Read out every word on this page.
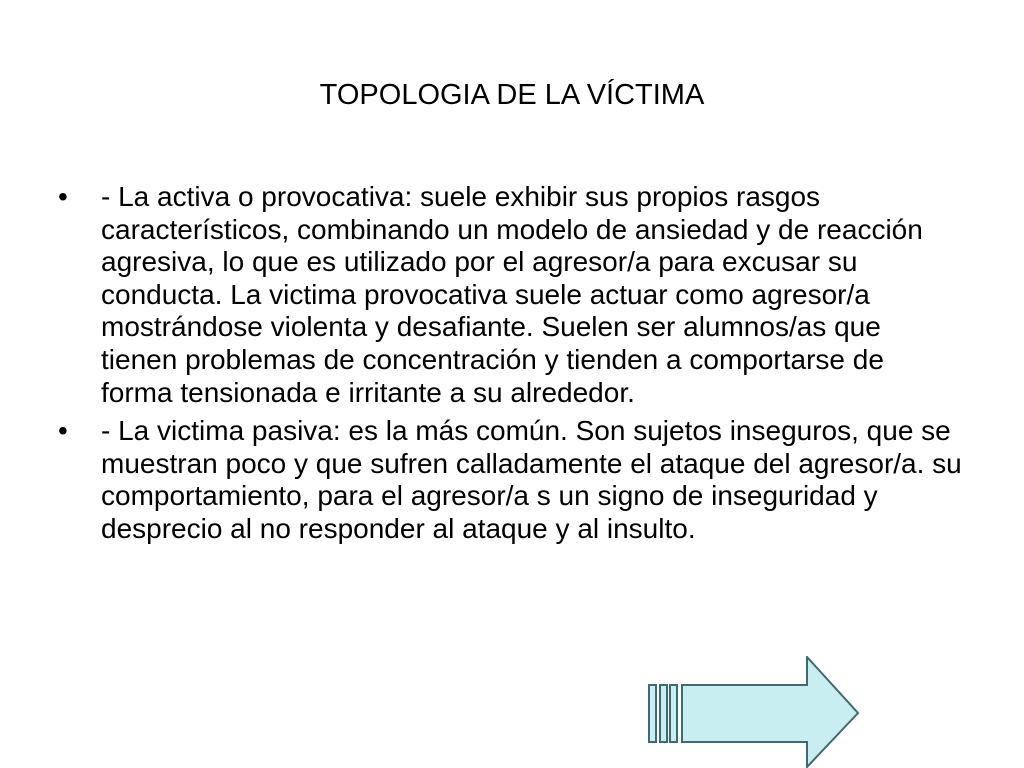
TOPOLOGIA DE LA VÍCTIMA
•	- La activa o provocativa: suele exhibir sus propios rasgos característicos, combinando un modelo de ansiedad y de reacción agresiva, lo que es utilizado por el agresor/a para excusar su conducta. La victima provocativa suele actuar como agresor/a mostrándose violenta y desafiante. Suelen ser alumnos/as que tienen problemas de concentración y tienden a comportarse de forma tensionada e irritante a su alrededor.
•	- La victima pasiva: es la más común. Son sujetos inseguros, que se muestran poco y que sufren calladamente el ataque del agresor/a. su comportamiento, para el agresor/a s un signo de inseguridad y desprecio al no responder al ataque y al insulto.
